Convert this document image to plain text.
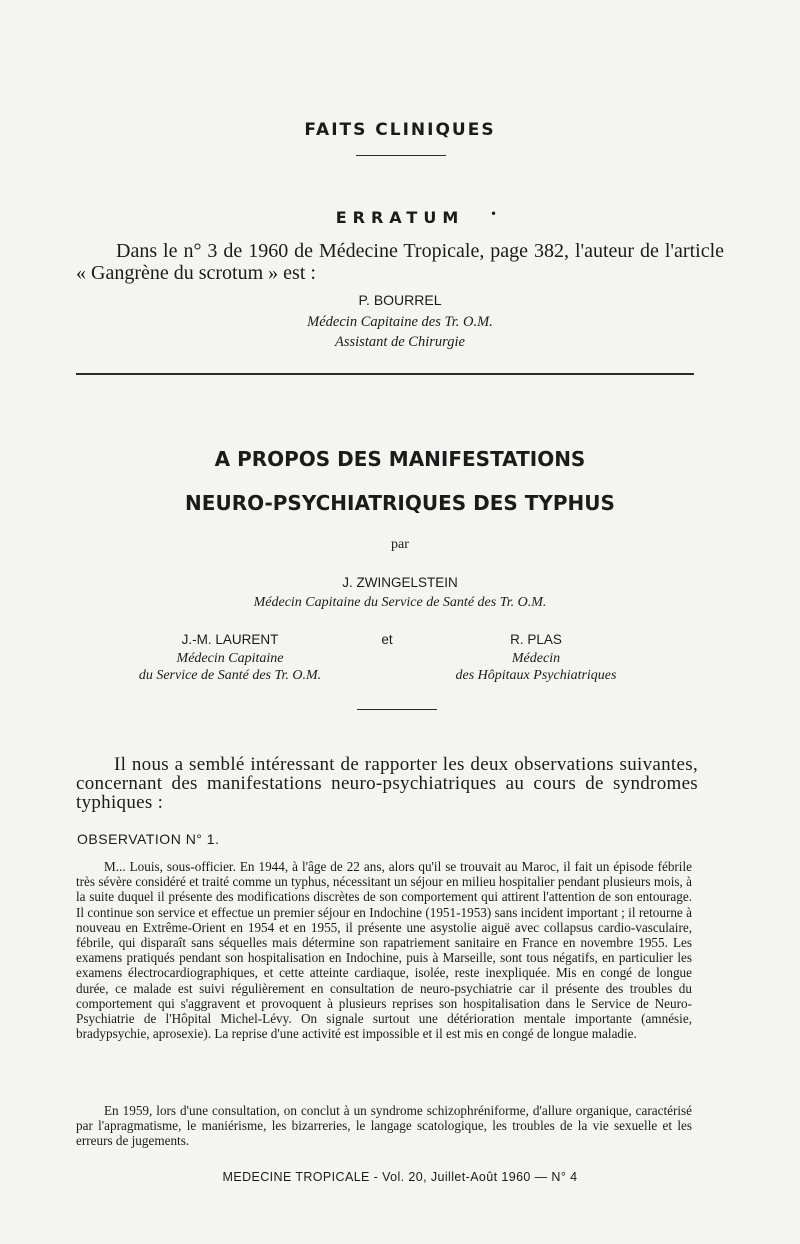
FAITS CLINIQUES
ERRATUM	•
Dans le n° 3 de 1960 de Médecine Tropicale, page 382, l'auteur de l'article « Gangrène du scrotum » est :
P. BOURREL
Médecin Capitaine des Tr. O.M.
Assistant de Chirurgie
A PROPOS DES MANIFESTATIONS
NEURO-PSYCHIATRIQUES DES TYPHUS
par
J. ZWINGELSTEIN
Médecin Capitaine du Service de Santé des Tr. O.M.
J.-M. LAURENT	et	R. PLAS
Médecin Capitaine
du Service de Santé des Tr. O.M.
Médecin
des Hôpitaux Psychiatriques
Il nous a semblé intéressant de rapporter les deux observations suivantes, concernant des manifestations neuro-psychiatriques au cours de syndromes typhiques :
OBSERVATION N° 1.
M... Louis, sous-officier. En 1944, à l'âge de 22 ans, alors qu'il se trouvait au Maroc, il fait un épisode fébrile très sévère considéré et traité comme un typhus, nécessitant un séjour en milieu hospitalier pendant plusieurs mois, à la suite duquel il présente des modifications discrètes de son comportement qui attirent l'attention de son entourage. Il continue son service et effectue un premier séjour en Indochine (1951-1953) sans incident important ; il retourne à nouveau en Extrême-Orient en 1954 et en 1955, il présente une asystolie aiguë avec collapsus cardio-vasculaire, fébrile, qui disparaît sans séquelles mais détermine son rapatriement sanitaire en France en novembre 1955. Les examens pratiqués pendant son hospitalisation en Indochine, puis à Marseille, sont tous négatifs, en particulier les examens électrocardiographiques, et cette atteinte cardiaque, isolée, reste inexpliquée. Mis en congé de longue durée, ce malade est suivi régulièrement en consultation de neuro-psychiatrie car il présente des troubles du comportement qui s'aggravent et provoquent à plusieurs reprises son hospitalisation dans le Service de Neuro-Psychiatrie de l'Hôpital Michel-Lévy. On signale surtout une détérioration mentale importante (amnésie, bradypsychie, aprosexie). La reprise d'une activité est impossible et il est mis en congé de longue maladie.
En 1959, lors d'une consultation, on conclut à un syndrome schizophréniforme, d'allure organique, caractérisé par l'apragmatisme, le maniérisme, les bizarreries, le langage scatologique, les troubles de la vie sexuelle et les erreurs de jugements.
MEDECINE TROPICALE - Vol. 20, Juillet-Août 1960 — N° 4
